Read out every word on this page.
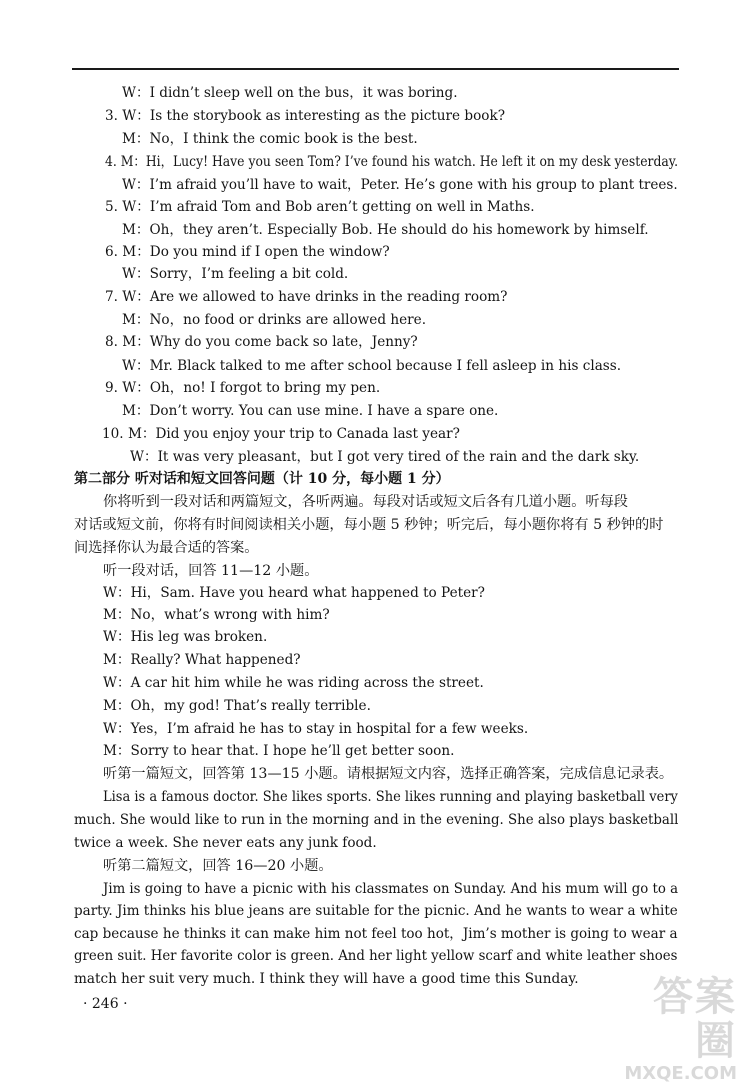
W：I didn’t sleep well on the bus，it was boring.
3. W：Is the storybook as interesting as the picture book?
M：No，I think the comic book is the best.
4. M：Hi，Lucy! Have you seen Tom? I’ve found his watch. He left it on my desk yesterday.
W：I’m afraid you’ll have to wait，Peter. He’s gone with his group to plant trees.
5. W：I’m afraid Tom and Bob aren’t getting on well in Maths.
M：Oh，they aren’t. Especially Bob. He should do his homework by himself.
6. M：Do you mind if I open the window?
W：Sorry，I’m feeling a bit cold.
7. W：Are we allowed to have drinks in the reading room?
M：No，no food or drinks are allowed here.
8. M：Why do you come back so late，Jenny?
W：Mr. Black talked to me after school because I fell asleep in his class.
9. W：Oh，no! I forgot to bring my pen.
M：Don’t worry. You can use mine. I have a spare one.
10. M：Did you enjoy your trip to Canada last year?
W：It was very pleasant，but I got very tired of the rain and the dark sky.
第二部分 听对话和短文回答问题（计 10 分，每小题 1 分）
你将听到一段对话和两篇短文，各听两遍。每段对话或短文后各有几道小题。听每段
对话或短文前，你将有时间阅读相关小题，每小题 5 秒钟；听完后，每小题你将有 5 秒钟的时
间选择你认为最合适的答案。
听一段对话，回答 11—12 小题。
W：Hi，Sam. Have you heard what happened to Peter?
M：No，what’s wrong with him?
W：His leg was broken.
M：Really? What happened?
W：A car hit him while he was riding across the street.
M：Oh，my god! That’s really terrible.
W：Yes，I’m afraid he has to stay in hospital for a few weeks.
M：Sorry to hear that. I hope he’ll get better soon.
听第一篇短文，回答第 13—15 小题。请根据短文内容，选择正确答案，完成信息记录表。
Lisa is a famous doctor. She likes sports. She likes running and playing basketball very
much. She would like to run in the morning and in the evening. She also plays basketball
twice a week. She never eats any junk food.
听第二篇短文，回答 16—20 小题。
Jim is going to have a picnic with his classmates on Sunday. And his mum will go to a
party. Jim thinks his blue jeans are suitable for the picnic. And he wants to wear a white
cap because he thinks it can make him not feel too hot，Jim’s mother is going to wear a
green suit. Her favorite color is green. And her light yellow scarf and white leather shoes
match her suit very much. I think they will have a good time this Sunday.
· 246 ·	答案圈
MXQE.COM
